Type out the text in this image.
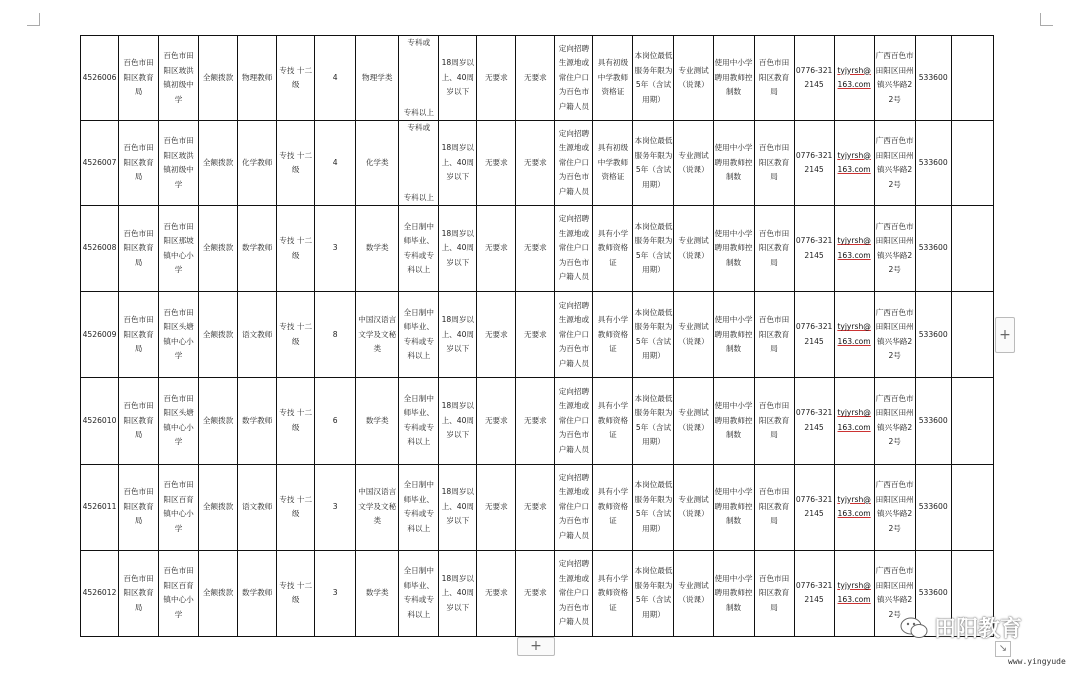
4526006	百色市田阳区教育局	百色市田阳区玻洪镇初级中学	全额拨款	物理教师	专技 十二级	4	物理学类	专科或
专科以上	18周岁以上、40周岁以下	无要求	无要求	定向招聘生源地或常住户口为百色市户籍人员	具有初级中学教师资格证	本岗位最低服务年限为5年（含试用期）	专业测试（说课）	使用中小学聘用教师控制数	百色市田阳区教育局	0776-3212145	tyjyrsh@163.com	广西百色市田阳区田州镇兴华路22号	533600	
4526007	百色市田阳区教育局	百色市田阳区玻洪镇初级中学	全额拨款	化学教师	专技 十二级	4	化学类	专科或
专科以上	18周岁以上、40周岁以下	无要求	无要求	定向招聘生源地或常住户口为百色市户籍人员	具有初级中学教师资格证	本岗位最低服务年限为5年（含试用期）	专业测试（说课）	使用中小学聘用教师控制数	百色市田阳区教育局	0776-3212145	tyjyrsh@163.com	广西百色市田阳区田州镇兴华路22号	533600	
4526008	百色市田阳区教育局	百色市田阳区那坡镇中心小学	全额拨款	数学教师	专技 十二级	3	数学类	全日制中师毕业、专科或专科以上	18周岁以上、40周岁以下	无要求	无要求	定向招聘生源地或常住户口为百色市户籍人员	具有小学教师资格证	本岗位最低服务年限为5年（含试用期）	专业测试（说课）	使用中小学聘用教师控制数	百色市田阳区教育局	0776-3212145	tyjyrsh@163.com	广西百色市田阳区田州镇兴华路22号	533600	
4526009	百色市田阳区教育局	百色市田阳区头塘镇中心小学	全额拨款	语文教师	专技 十二级	8	中国汉语言文学及文秘类	全日制中师毕业、专科或专科以上	18周岁以上、40周岁以下	无要求	无要求	定向招聘生源地或常住户口为百色市户籍人员	具有小学教师资格证	本岗位最低服务年限为5年（含试用期）	专业测试（说课）	使用中小学聘用教师控制数	百色市田阳区教育局	0776-3212145	tyjyrsh@163.com	广西百色市田阳区田州镇兴华路22号	533600	
4526010	百色市田阳区教育局	百色市田阳区头塘镇中心小学	全额拨款	数学教师	专技 十二级	6	数学类	全日制中师毕业、专科或专科以上	18周岁以上、40周岁以下	无要求	无要求	定向招聘生源地或常住户口为百色市户籍人员	具有小学教师资格证	本岗位最低服务年限为5年（含试用期）	专业测试（说课）	使用中小学聘用教师控制数	百色市田阳区教育局	0776-3212145	tyjyrsh@163.com	广西百色市田阳区田州镇兴华路22号	533600	
4526011	百色市田阳区教育局	百色市田阳区百育镇中心小学	全额拨款	语文教师	专技 十二级	3	中国汉语言文学及文秘类	全日制中师毕业、专科或专科以上	18周岁以上、40周岁以下	无要求	无要求	定向招聘生源地或常住户口为百色市户籍人员	具有小学教师资格证	本岗位最低服务年限为5年（含试用期）	专业测试（说课）	使用中小学聘用教师控制数	百色市田阳区教育局	0776-3212145	tyjyrsh@163.com	广西百色市田阳区田州镇兴华路22号	533600	
4526012	百色市田阳区教育局	百色市田阳区百育镇中心小学	全额拨款	数学教师	专技 十二级	3	数学类	全日制中师毕业、专科或专科以上	18周岁以上、40周岁以下	无要求	无要求	定向招聘生源地或常住户口为百色市户籍人员	具有小学教师资格证	本岗位最低服务年限为5年（含试用期）	专业测试（说课）	使用中小学聘用教师控制数	百色市田阳区教育局	0776-3212145	tyjyrsh@163.com	广西百色市田阳区田州镇兴华路22号	533600	
+
+	↘
田阳教育
www.yingyude
